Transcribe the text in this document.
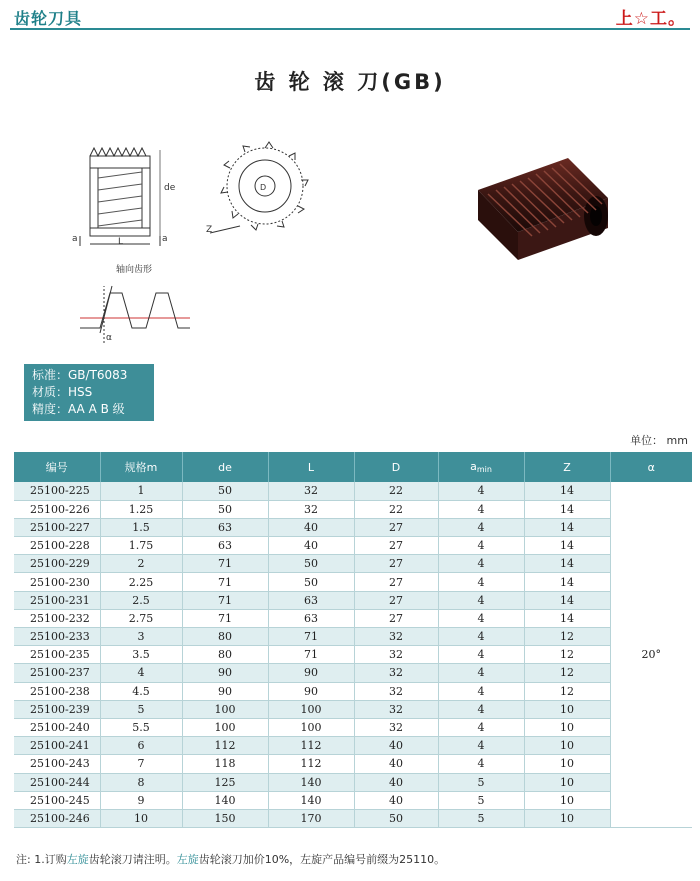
齿轮刀具	上☆工。
齿 轮 滚 刀(GB)
a	L	a
de
轴向齿形
Z
D
α
标准：GB/T6083
材质：HSS
精度：AA A B 级
单位： mm
编号	规格m	de	L	D	$a_{min}$	Z	α
25100-225	1	50	32	22	4	14	20°
25100-226	1.25	50	32	22	4	14	
25100-227	1.5	63	40	27	4	14	
25100-228	1.75	63	40	27	4	14	
25100-229	2	71	50	27	4	14	
25100-230	2.25	71	50	27	4	14	
25100-231	2.5	71	63	27	4	14	
25100-232	2.75	71	63	27	4	14	
25100-233	3	80	71	32	4	12	
25100-235	3.5	80	71	32	4	12	
25100-237	4	90	90	32	4	12	
25100-238	4.5	90	90	32	4	12	
25100-239	5	100	100	32	4	10	
25100-240	5.5	100	100	32	4	10	
25100-241	6	112	112	40	4	10	
25100-243	7	118	112	40	4	10	
25100-244	8	125	140	40	5	10	
25100-245	9	140	140	40	5	10	
25100-246	10	150	170	50	5	10	
注: 1.订购左旋齿轮滚刀请注明。左旋齿轮滚刀加价10%，左旋产品编号前缀为25110。
